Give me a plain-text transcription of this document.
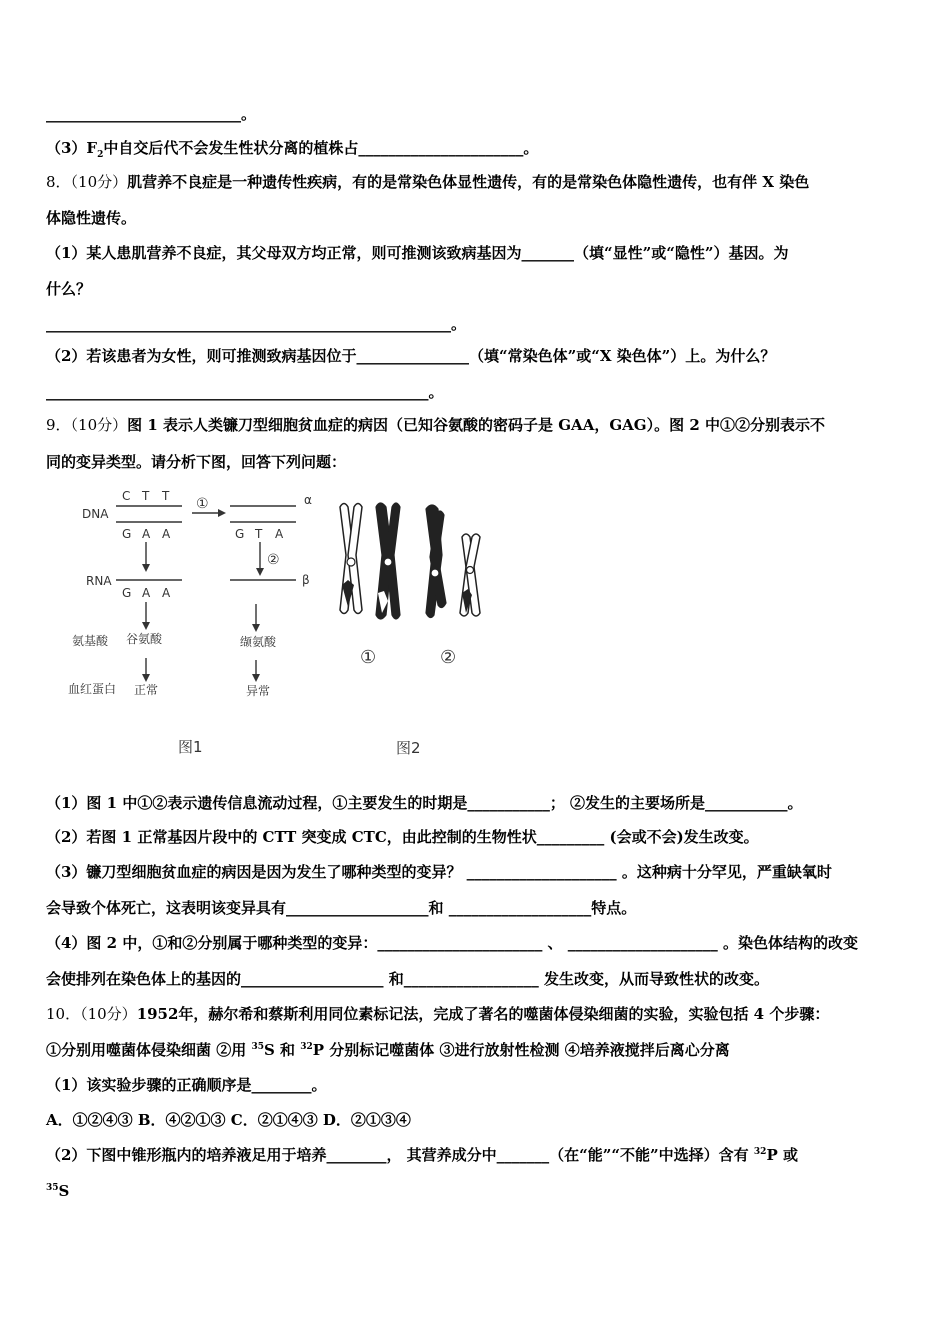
__________________________。
$(3)F_2$中自交后代不会发生性状分离的植株占______________________。
8．（10分）肌营养不良症是一种遗传性疾病，有的是常染色体显性遗传，有的是常染色体隐性遗传，也有伴 X 染色
体隐性遗传。
（1）某人患肌营养不良症，其父母双方均正常，则可推测该致病基因为_______（填“显性”或“隐性”）基因。为
什么？
______________________________________________________。
（2）若该患者为女性，则可推测致病基因位于_______________（填“常染色体”或“X 染色体”）上。为什么？
___________________________________________________。
9．（10分）图 1 表示人类镰刀型细胞贫血症的病因（已知谷氨酸的密码子是 GAA，GAG）。图 2 中①②分别表示不
同的变异类型。请分析下图，回答下列问题：
DNA
RNA
氨基酸
血红蛋白
C T T
G A A
G A A
谷氨酸
正常
①
G T A
②
α
β
缬氨酸
异常
图1
①	②
图2
（1）图 1 中①②表示遗传信息流动过程，①主要发生的时期是___________； ②发生的主要场所是___________。
（2）若图 1 正常基因片段中的 CTT 突变成 CTC，由此控制的生物性状_________ (会或不会)发生改变。
（3）镰刀型细胞贫血症的病因是因为发生了哪种类型的变异？ ____________________ 。这种病十分罕见，严重缺氧时
会导致个体死亡，这表明该变异具有___________________和 ___________________特点。
（4）图 2 中，①和②分别属于哪种类型的变异：______________________ 、 ____________________ 。染色体结构的改变
会使排列在染色体上的基因的___________________ 和__________________ 发生改变，从而导致性状的改变。
10．（10分）1952年，赫尔希和蔡斯利用同位素标记法，完成了著名的噬菌体侵染细菌的实验，实验包括 4 个步骤：
①分别用噬菌体侵染细菌 ②用 $^{35}$S 和 $^{32}$P 分别标记噬菌体 ③进行放射性检测 ④培养液搅拌后离心分离
（1）该实验步骤的正确顺序是________。
A．①②④③ B．④②①③ C．②①④③ D．②①③④
（2）下图中锥形瓶内的培养液足用于培养________， 其营养成分中_______（在“能”“不能”中选择）含有 $^{32}$P 或
$^{35}$S
